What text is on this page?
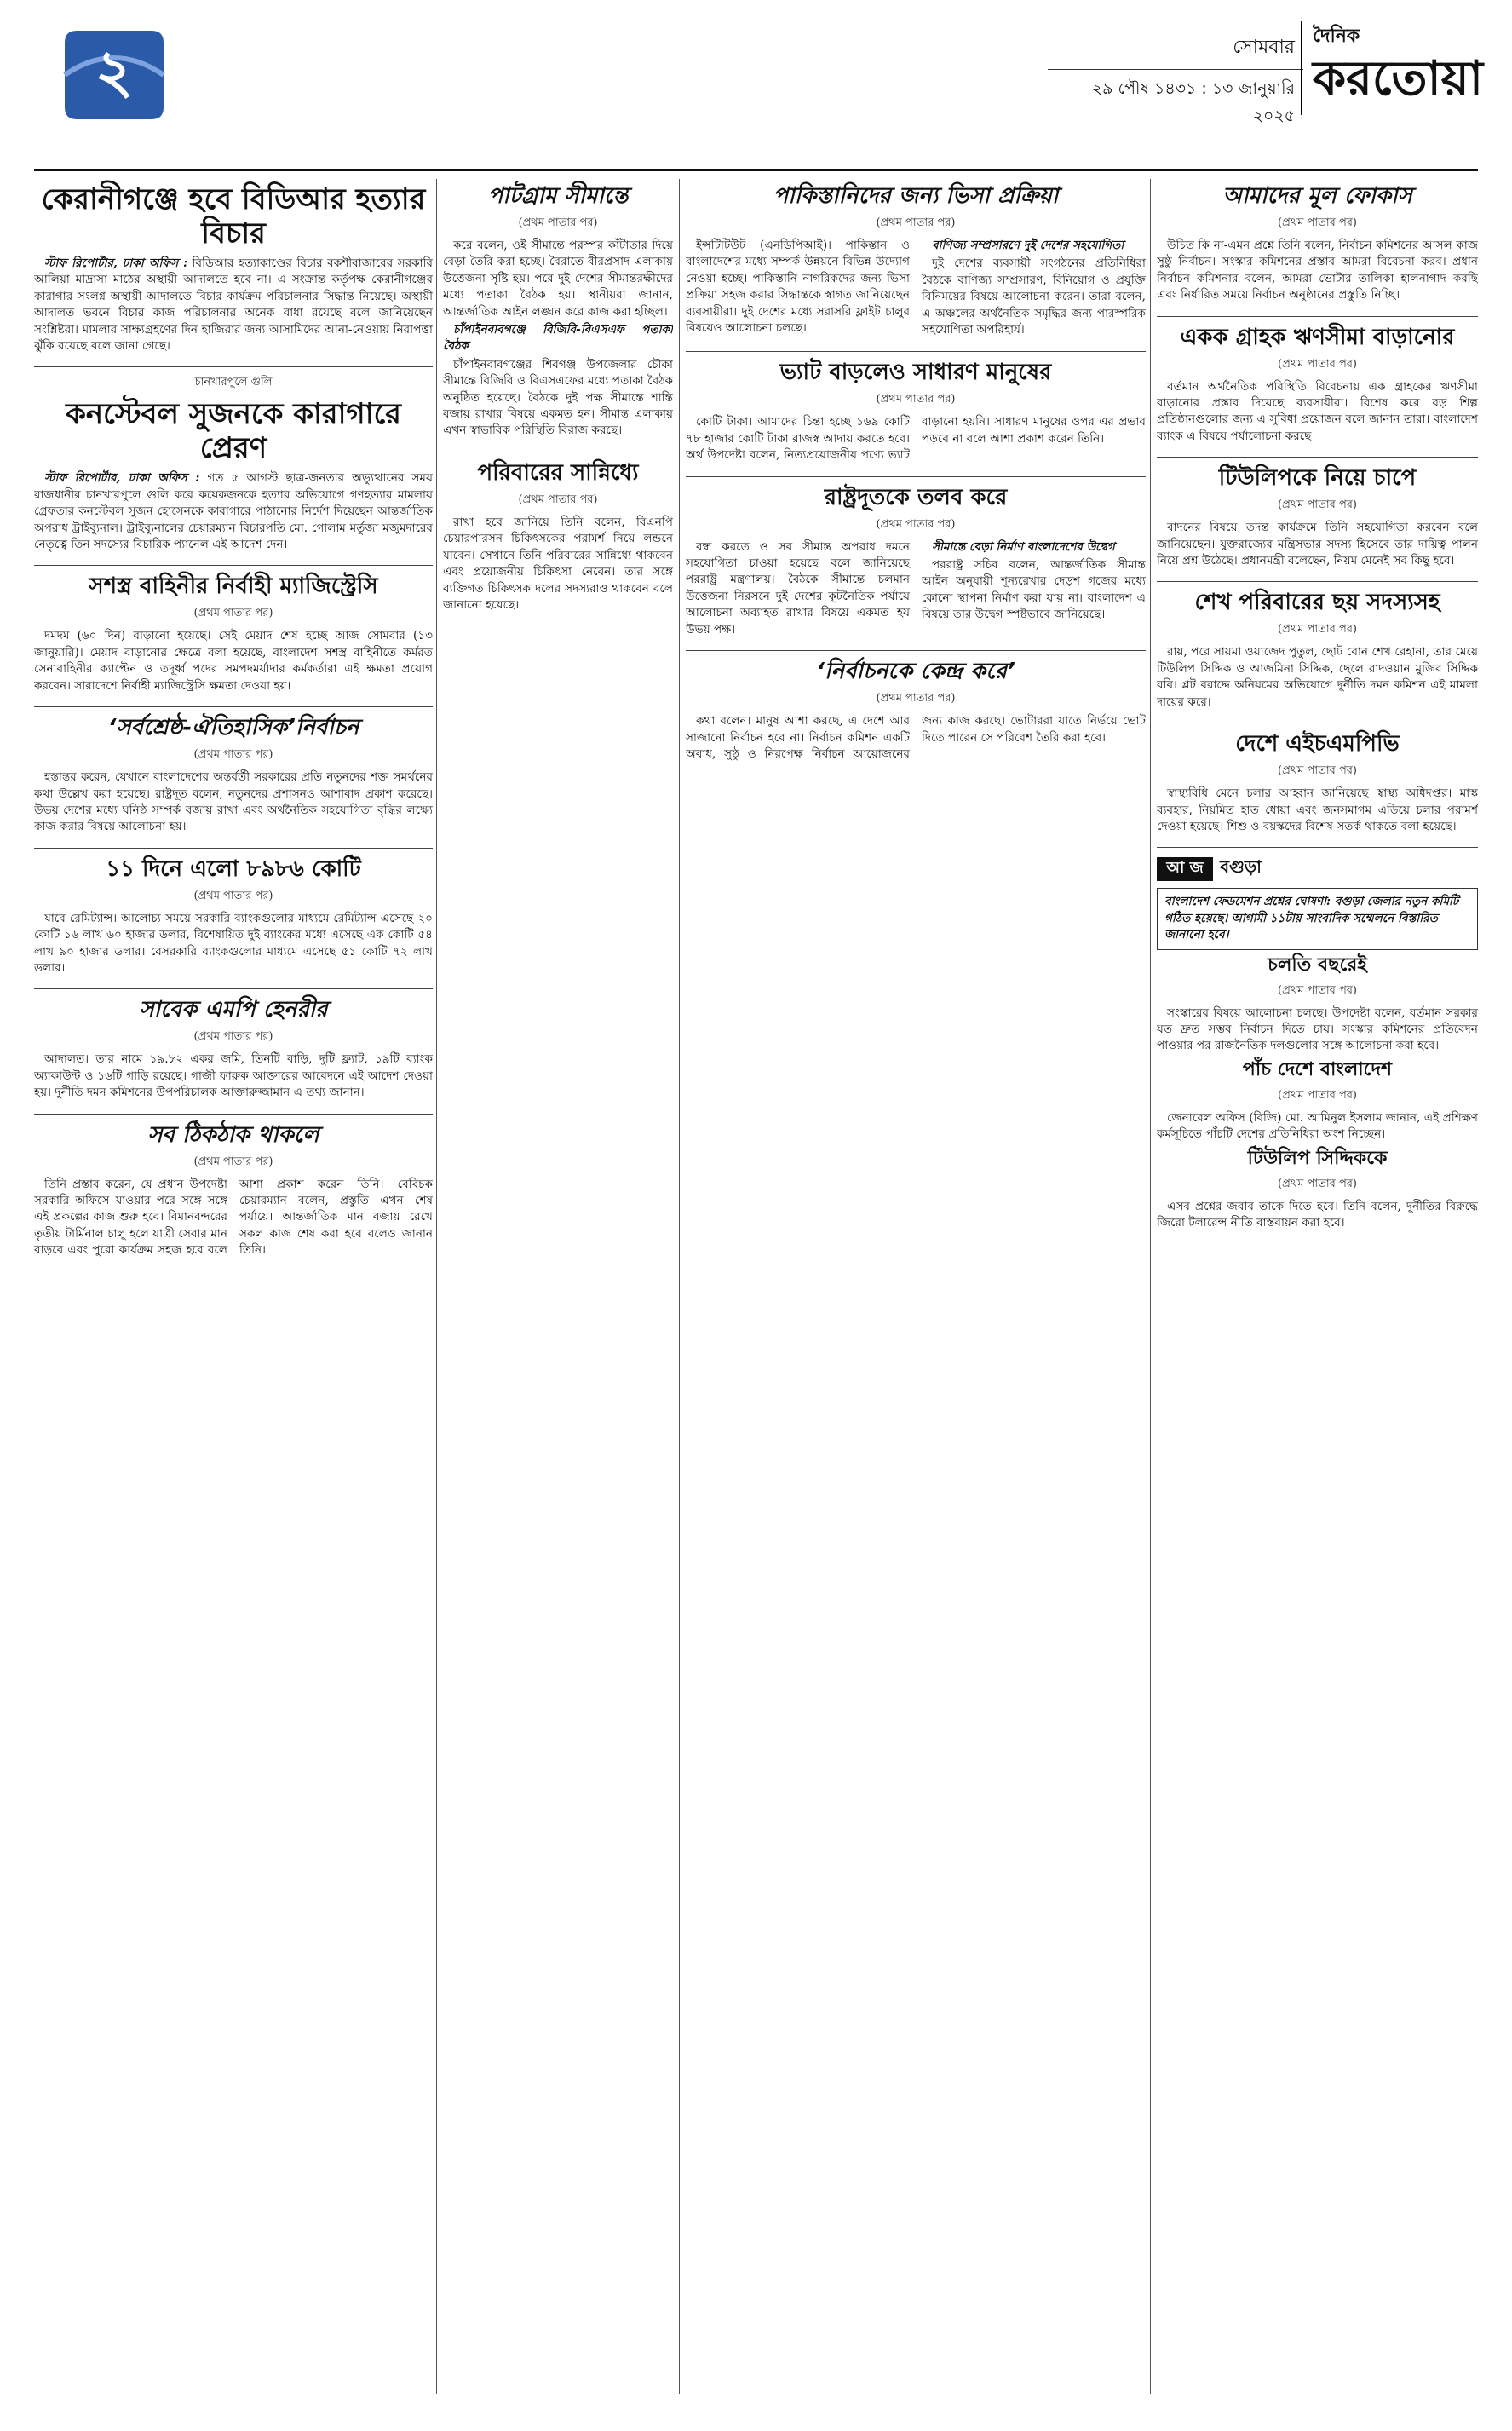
২	সোমবার
২৯ পৌষ ১৪৩১ : ১৩ জানুয়ারি ২০২৫
দৈনিক
করতোয়া
কেরানীগঞ্জে হবে বিডিআর হত্যার বিচার

স্টাফ রিপোর্টার, ঢাকা অফিস : বিডিআর হত্যাকাণ্ডের বিচার বকশীবাজারের সরকারি আলিয়া মাদ্রাসা মাঠের অস্থায়ী আদালতে হবে না। এ সংক্রান্ত কর্তৃপক্ষ কেরানীগঞ্জের কারাগার সংলগ্ন অস্থায়ী আদালতে বিচার কার্যক্রম পরিচালনার সিদ্ধান্ত নিয়েছে। অস্থায়ী আদালত ভবনে বিচার কাজ পরিচালনার অনেক বাধা রয়েছে বলে জানিয়েছেন সংশ্লিষ্টরা। মামলার সাক্ষ্যগ্রহণের দিন হাজিরার জন্য আসামিদের আনা-নেওয়ায় নিরাপত্তা ঝুঁকি রয়েছে বলে জানা গেছে।

চানখারপুলে গুলি
কনস্টেবল সুজনকে কারাগারে প্রেরণ

স্টাফ রিপোর্টার, ঢাকা অফিস : গত ৫ আগস্ট ছাত্র-জনতার অভ্যুত্থানের সময় রাজধানীর চানখারপুলে গুলি করে কয়েকজনকে হত্যার অভিযোগে গণহত্যার মামলায় গ্রেফতার কনস্টেবল সুজন হোসেনকে কারাগারে পাঠানোর নির্দেশ দিয়েছেন আন্তর্জাতিক অপরাধ ট্রাইব্যুনাল। ট্রাইব্যুনালের চেয়ারম্যান বিচারপতি মো. গোলাম মর্তুজা মজুমদারের নেতৃত্বে তিন সদস্যের বিচারিক প্যানেল এই আদেশ দেন।

সশস্ত্র বাহিনীর নির্বাহী ম্যাজিস্ট্রেসি
(প্রথম পাতার পর)

দমদম (৬০ দিন) বাড়ানো হয়েছে। সেই মেয়াদ শেষ হচ্ছে আজ সোমবার (১৩ জানুয়ারি)। মেয়াদ বাড়ানোর ক্ষেত্রে বলা হয়েছে, বাংলাদেশ সশস্ত্র বাহিনীতে কর্মরত সেনাবাহিনীর ক্যাপ্টেন ও তদূর্ধ্ব পদের সমপদমর্যাদার কর্মকর্তারা এই ক্ষমতা প্রয়োগ করবেন। সারাদেশে নির্বাহী ম্যাজিস্ট্রেসি ক্ষমতা দেওয়া হয়।

‘সর্বশ্রেষ্ঠ-ঐতিহাসিক’নির্বাচন
(প্রথম পাতার পর)

হস্তান্তর করেন, যেখানে বাংলাদেশের অন্তর্বর্তী সরকারের প্রতি নতুনদের শক্ত সমর্থনের কথা উল্লেখ করা হয়েছে। রাষ্ট্রদূত বলেন, নতুনদের প্রশাসনও আশাবাদ প্রকাশ করেছে। উভয় দেশের মধ্যে ঘনিষ্ঠ সম্পর্ক বজায় রাখা এবং অর্থনৈতিক সহযোগিতা বৃদ্ধির লক্ষ্যে কাজ করার বিষয়ে আলোচনা হয়।

১১ দিনে এলো ৮৯৮৬ কোটি
(প্রথম পাতার পর)

যাবে রেমিট্যান্স। আলোচ্য সময়ে সরকারি ব্যাংকগুলোর মাধ্যমে রেমিট্যান্স এসেছে ২০ কোটি ১৬ লাখ ৬০ হাজার ডলার, বিশেষায়িত দুই ব্যাংকের মধ্যে এসেছে এক কোটি ৫৪ লাখ ৯০ হাজার ডলার। বেসরকারি ব্যাংকগুলোর মাধ্যমে এসেছে ৫১ কোটি ৭২ লাখ ডলার।

সাবেক এমপি হেনরীর
(প্রথম পাতার পর)

আদালত। তার নামে ১৯.৮২ একর জমি, তিনটি বাড়ি, দুটি ফ্ল্যাট, ১৯টি ব্যাংক অ্যাকাউন্ট ও ১৬টি গাড়ি রয়েছে। গাজী ফারুক আক্তারের আবেদনে এই আদেশ দেওয়া হয়। দুর্নীতি দমন কমিশনের উপপরিচালক আক্তারুজ্জামান এ তথ্য জানান।

সব ঠিকঠাক থাকলে
(প্রথম পাতার পর)

তিনি প্রস্তাব করেন, যে প্রধান উপদেষ্টা সরকারি অফিসে যাওয়ার পরে সঙ্গে সঙ্গে এই প্রকল্পের কাজ শুরু হবে। বিমানবন্দরের তৃতীয় টার্মিনাল চালু হলে যাত্রী সেবার মান বাড়বে এবং পুরো কার্যক্রম সহজ হবে বলে আশা প্রকাশ করেন তিনি। বেবিচক চেয়ারম্যান বলেন, প্রস্তুতি এখন শেষ পর্যায়ে। আন্তর্জাতিক মান বজায় রেখে সকল কাজ শেষ করা হবে বলেও জানান তিনি।

পাটগ্রাম সীমান্তে
(প্রথম পাতার পর)

করে বলেন, ওই সীমান্তে পরস্পর কাঁটাতার দিয়ে বেড়া তৈরি করা হচ্ছে। বৈরাতে বীরপ্রসাদ এলাকায় উত্তেজনা সৃষ্টি হয়। পরে দুই দেশের সীমান্তরক্ষীদের মধ্যে পতাকা বৈঠক হয়। স্থানীয়রা জানান, আন্তর্জাতিক আইন লঙ্ঘন করে কাজ করা হচ্ছিল।

চাঁপাইনবাবগঞ্জে বিজিবি-বিএসএফ পতাকা বৈঠক

চাঁপাইনবাবগঞ্জের শিবগঞ্জ উপজেলার চৌকা সীমান্তে বিজিবি ও বিএসএফের মধ্যে পতাকা বৈঠক অনুষ্ঠিত হয়েছে। বৈঠকে দুই পক্ষ সীমান্তে শান্তি বজায় রাখার বিষয়ে একমত হন। সীমান্ত এলাকায় এখন স্বাভাবিক পরিস্থিতি বিরাজ করছে।

পরিবারের সান্নিধ্যে
(প্রথম পাতার পর)

রাখা হবে জানিয়ে তিনি বলেন, বিএনপি চেয়ারপারসন চিকিৎসকের পরামর্শ নিয়ে লন্ডনে যাবেন। সেখানে তিনি পরিবারের সান্নিধ্যে থাকবেন এবং প্রয়োজনীয় চিকিৎসা নেবেন। তার সঙ্গে ব্যক্তিগত চিকিৎসক দলের সদস্যরাও থাকবেন বলে জানানো হয়েছে।

পাকিস্তানিদের জন্য ভিসা প্রক্রিয়া
(প্রথম পাতার পর)

ইন্সটিটিউট (এনডিপিআই)। পাকিস্তান ও বাংলাদেশের মধ্যে সম্পর্ক উন্নয়নে বিভিন্ন উদ্যোগ নেওয়া হচ্ছে। পাকিস্তানি নাগরিকদের জন্য ভিসা প্রক্রিয়া সহজ করার সিদ্ধান্তকে স্বাগত জানিয়েছেন ব্যবসায়ীরা। দুই দেশের মধ্যে সরাসরি ফ্লাইট চালুর বিষয়েও আলোচনা চলছে।

বাণিজ্য সম্প্রসারণে দুই দেশের সহযোগিতা

দুই দেশের ব্যবসায়ী সংগঠনের প্রতিনিধিরা বৈঠকে বাণিজ্য সম্প্রসারণ, বিনিয়োগ ও প্রযুক্তি বিনিময়ের বিষয়ে আলোচনা করেন। তারা বলেন, এ অঞ্চলের অর্থনৈতিক সমৃদ্ধির জন্য পারস্পরিক সহযোগিতা অপরিহার্য।

ভ্যাট বাড়লেও সাধারণ মানুষের
(প্রথম পাতার পর)

কোটি টাকা। আমাদের চিন্তা হচ্ছে ১৬৯ কোটি ৭৮ হাজার কোটি টাকা রাজস্ব আদায় করতে হবে। অর্থ উপদেষ্টা বলেন, নিত্যপ্রয়োজনীয় পণ্যে ভ্যাট বাড়ানো হয়নি। সাধারণ মানুষের ওপর এর প্রভাব পড়বে না বলে আশা প্রকাশ করেন তিনি।

রাষ্ট্রদূতকে তলব করে
(প্রথম পাতার পর)

বন্ধ করতে ও সব সীমান্ত অপরাধ দমনে সহযোগিতা চাওয়া হয়েছে বলে জানিয়েছে পররাষ্ট্র মন্ত্রণালয়। বৈঠকে সীমান্তে চলমান উত্তেজনা নিরসনে দুই দেশের কূটনৈতিক পর্যায়ে আলোচনা অব্যাহত রাখার বিষয়ে একমত হয় উভয় পক্ষ।

সীমান্তে বেড়া নির্মাণ বাংলাদেশের উদ্বেগ

পররাষ্ট্র সচিব বলেন, আন্তর্জাতিক সীমান্ত আইন অনুযায়ী শূন্যরেখার দেড়শ গজের মধ্যে কোনো স্থাপনা নির্মাণ করা যায় না। বাংলাদেশ এ বিষয়ে তার উদ্বেগ স্পষ্টভাবে জানিয়েছে।

‘নির্বাচনকে কেন্দ্র করে’
(প্রথম পাতার পর)

কথা বলেন। মানুষ আশা করছে, এ দেশে আর সাজানো নির্বাচন হবে না। নির্বাচন কমিশন একটি অবাধ, সুষ্ঠু ও নিরপেক্ষ নির্বাচন আয়োজনের জন্য কাজ করছে। ভোটাররা যাতে নির্ভয়ে ভোট দিতে পারেন সে পরিবেশ তৈরি করা হবে।

আমাদের মূল ফোকাস
(প্রথম পাতার পর)

উচিত কি না-এমন প্রশ্নে তিনি বলেন, নির্বাচন কমিশনের আসল কাজ সুষ্ঠু নির্বাচন। সংস্কার কমিশনের প্রস্তাব আমরা বিবেচনা করব। প্রধান নির্বাচন কমিশনার বলেন, আমরা ভোটার তালিকা হালনাগাদ করছি এবং নির্ধারিত সময়ে নির্বাচন অনুষ্ঠানের প্রস্তুতি নিচ্ছি।

একক গ্রাহক ঋণসীমা বাড়ানোর
(প্রথম পাতার পর)

বর্তমান অর্থনৈতিক পরিস্থিতি বিবেচনায় এক গ্রাহকের ঋণসীমা বাড়ানোর প্রস্তাব দিয়েছে ব্যবসায়ীরা। বিশেষ করে বড় শিল্প প্রতিষ্ঠানগুলোর জন্য এ সুবিধা প্রয়োজন বলে জানান তারা। বাংলাদেশ ব্যাংক এ বিষয়ে পর্যালোচনা করছে।

টিউলিপকে নিয়ে চাপে
(প্রথম পাতার পর)

বাদনের বিষয়ে তদন্ত কার্যক্রমে তিনি সহযোগিতা করবেন বলে জানিয়েছেন। যুক্তরাজ্যের মন্ত্রিসভার সদস্য হিসেবে তার দায়িত্ব পালন নিয়ে প্রশ্ন উঠেছে। প্রধানমন্ত্রী বলেছেন, নিয়ম মেনেই সব কিছু হবে।

শেখ পরিবারের ছয় সদস্যসহ
(প্রথম পাতার পর)

রায়, পরে সায়মা ওয়াজেদ পুতুল, ছোট বোন শেখ রেহানা, তার মেয়ে টিউলিপ সিদ্দিক ও আজমিনা সিদ্দিক, ছেলে রাদওয়ান মুজিব সিদ্দিক ববি। প্লট বরাদ্দে অনিয়মের অভিযোগে দুর্নীতি দমন কমিশন এই মামলা দায়ের করে।

দেশে এইচএমপিভি
(প্রথম পাতার পর)

স্বাস্থ্যবিধি মেনে চলার আহ্বান জানিয়েছে স্বাস্থ্য অধিদপ্তর। মাস্ক ব্যবহার, নিয়মিত হাত ধোয়া এবং জনসমাগম এড়িয়ে চলার পরামর্শ দেওয়া হয়েছে। শিশু ও বয়স্কদের বিশেষ সতর্ক থাকতে বলা হয়েছে।

আ জ বগুড়া
বাংলাদেশ ফেডমেশন প্রশ্নের ঘোষণা: বগুড়া জেলার নতুন কমিটি গঠিত হয়েছে। আগামী ১১টায় সাংবাদিক সম্মেলনে বিস্তারিত জানানো হবে।
চলতি বছরেই
(প্রথম পাতার পর)

সংস্কারের বিষয়ে আলোচনা চলছে। উপদেষ্টা বলেন, বর্তমান সরকার যত দ্রুত সম্ভব নির্বাচন দিতে চায়। সংস্কার কমিশনের প্রতিবেদন পাওয়ার পর রাজনৈতিক দলগুলোর সঙ্গে আলোচনা করা হবে।

পাঁচ দেশে বাংলাদেশ
(প্রথম পাতার পর)

জেনারেল অফিস (বিজি) মো. আমিনুল ইসলাম জানান, এই প্রশিক্ষণ কর্মসূচিতে পাঁচটি দেশের প্রতিনিধিরা অংশ নিচ্ছেন।

টিউলিপ সিদ্দিককে
(প্রথম পাতার পর)

এসব প্রশ্নের জবাব তাকে দিতে হবে। তিনি বলেন, দুর্নীতির বিরুদ্ধে জিরো টলারেন্স নীতি বাস্তবায়ন করা হবে।
